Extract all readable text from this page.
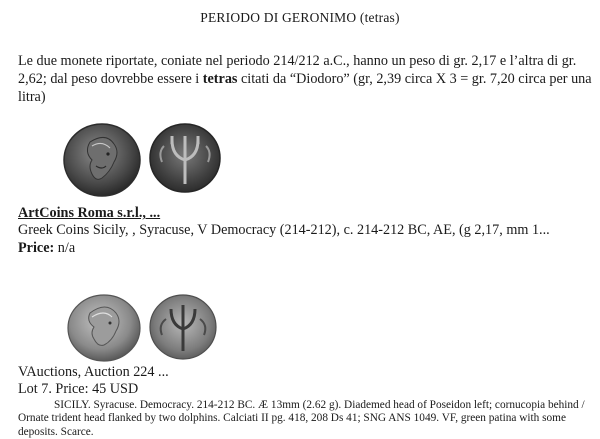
PERIODO DI GERONIMO (tetras)
Le due monete riportate, coniate nel periodo 214/212 a.C., hanno un peso di gr. 2,17 e l’altra di gr. 2,62; dal peso dovrebbe essere i tetras citati da “Diodoro” (gr, 2,39 circa X 3 = gr. 7,20 circa per una litra)
ArtCoins Roma s.r.l., ...
Greek Coins Sicily, , Syracuse, V Democracy (214-212), c. 214-212 BC, AE, (g 2,17, mm 1...
Price: n/a
VAuctions, Auction 224 ...
Lot 7. Price: 45 USD
SICILY. Syracuse. Democracy. 214-212 BC. Æ 13mm (2.62 g). Diademed head of Poseidon left; cornucopia behind / Ornate trident head flanked by two dolphins. Calciati II pg. 418, 208 Ds 41; SNG ANS 1049. VF, green patina with some deposits. Scarce.
